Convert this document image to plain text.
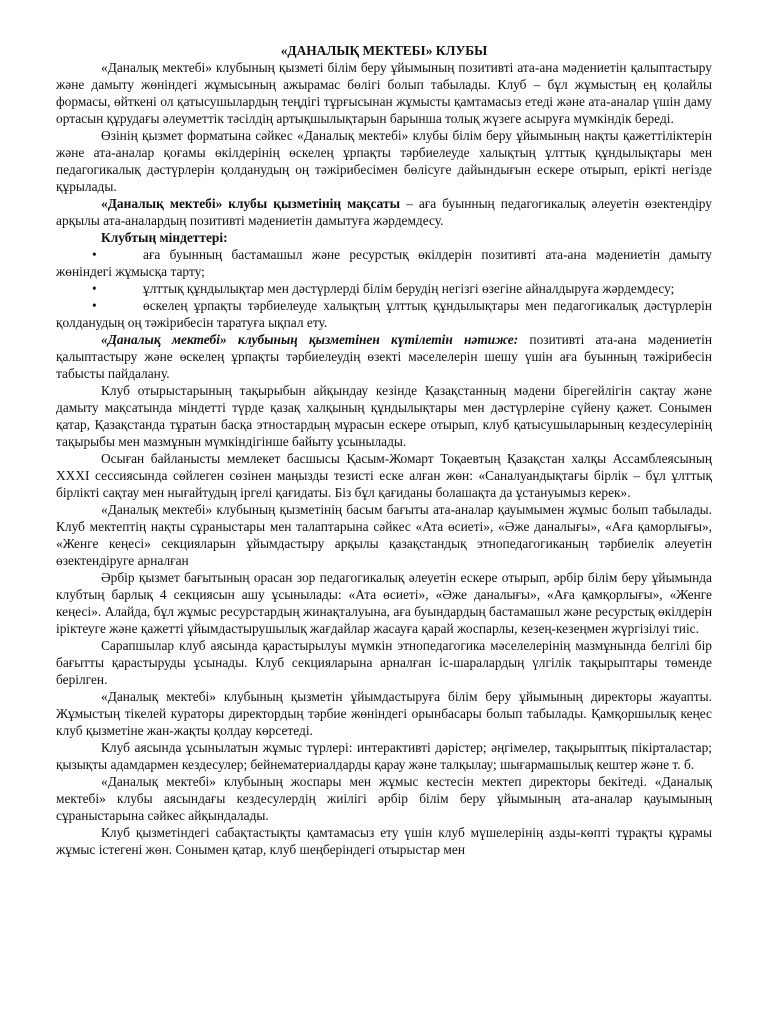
«ДАНАЛЫҚ МЕКТЕБІ» КЛУБЫ

«Даналық мектебі» клубының қызметі білім беру ұйымының позитивті ата-ана мәдениетін қалыптастыру және дамыту жөніндегі жұмысының ажырамас бөлігі болып табылады. Клуб – бұл жұмыстың ең қолайлы формасы, өйткені ол қатысушылардың теңдігі тұрғысынан жұмысты қамтамасыз етеді және ата-аналар үшін даму ортасын құрудағы әлеуметтік тәсілдің артықшылықтарын барынша толық жүзеге асыруға мүмкіндік береді.

Өзінің қызмет форматына сәйкес «Даналық мектебі» клубы білім беру ұйымының нақты қажеттіліктерін және ата-аналар қоғамы өкілдерінің өскелең ұрпақты тәрбиелеуде халықтың ұлттық құндылықтары мен педагогикалық дәстүрлерін қолданудың оң тәжірибесімен бөлісуге дайындығын ескере отырып, ерікті негізде құрылады.

«Даналық мектебі» клубы қызметінің мақсаты – аға буынның педагогикалық әлеуетін өзектендіру арқылы ата-аналардың позитивті мәдениетін дамытуға жәрдемдесу.

Клубтың міндеттері:

•	аға буынның бастамашыл және ресурстық өкілдерін позитивті ата-ана мәдениетін дамыту жөніндегі жұмысқа тарту;
•	ұлттық құндылықтар мен дәстүрлерді білім берудің негізгі өзегіне айналдыруға жәрдемдесу;
•	өскелең ұрпақты тәрбиелеуде халықтың ұлттық құндылықтары мен педагогикалық дәстүрлерін қолданудың оң тәжірибесін таратуға ықпал ету.

«Даналық мектебі» клубының қызметінен күтілетін нәтиже: позитивті ата-ана мәдениетін қалыптастыру және өскелең ұрпақты тәрбиелеудің өзекті мәселелерін шешу үшін аға буынның тәжірибесін табысты пайдалану.

Клуб отырыстарының тақырыбын айқындау кезінде Қазақстанның мәдени бірегейлігін сақтау және дамыту мақсатында міндетті түрде қазақ халқының құндылықтары мен дәстүрлеріне сүйену қажет. Сонымен қатар, Қазақстанда тұратын басқа этностардың мұрасын ескере отырып, клуб қатысушыларының кездесулерінің тақырыбы мен мазмұнын мүмкіндігінше байыту ұсынылады.

Осыған байланысты мемлекет басшысы Қасым-Жомарт Тоқаевтың Қазақстан халқы Ассамблеясының XXXI сессиясында сөйлеген сөзінен маңызды тезисті еске алған жөн: «Саналуандықтағы бірлік – бұл ұлттық бірлікті сақтау мен нығайтудың іргелі қағидаты. Біз бұл қағиданы болашақта да ұстануымыз керек».

«Даналық мектебі» клубының қызметінің басым бағыты ата-аналар қауымымен жұмыс болып табылады. Клуб мектептің нақты сұраныстары мен талаптарына сәйкес «Ата өсиеті», «Әже даналығы», «Аға қаморлығы», «Женге кеңесі» секцияларын ұйымдастыру арқылы қазақстандық этнопедагогиканың тәрбиелік әлеуетін өзектендіруге арналған

Әрбір қызмет бағытының орасан зор педагогикалық әлеуетін ескере отырып, әрбір білім беру ұйымында клубтың барлық 4 секциясын ашу ұсынылады: «Ата өсиеті», «Әже даналығы», «Аға қамқорлығы», «Женге кеңесі». Алайда, бұл жұмыс ресурстардың жинақталуына, аға буындардың бастамашыл және ресурстық өкілдерін іріктеуге және қажетті ұйымдастырушылық жағдайлар жасауға қарай жоспарлы, кезең-кезеңмен жүргізілуі тиіс.

Сарапшылар клуб аясында қарастырылуы мүмкін этнопедагогика мәселелерінің мазмұнында белгілі бір бағытты қарастыруды ұсынады. Клуб секцияларына арналған іс-шаралардың үлгілік тақырыптары төменде берілген.

«Даналық мектебі» клубының қызметін ұйымдастыруға білім беру ұйымының директоры жауапты. Жұмыстың тікелей кураторы директордың тәрбие жөніндегі орынбасары болып табылады. Қамқоршылық кеңес клуб қызметіне жан-жақты қолдау көрсетеді.

Клуб аясында ұсынылатын жұмыс түрлері: интерактивті дәрістер; әңгімелер, тақырыптық пікірталастар; қызықты адамдармен кездесулер; бейнематериалдарды қарау және талқылау; шығармашылық кештер және т. б.

«Даналық мектебі» клубының жоспары мен жұмыс кестесін мектеп директоры бекітеді. «Даналық мектебі» клубы аясындағы кездесулердің жиілігі әрбір білім беру ұйымының ата-аналар қауымының сұраныстарына сәйкес айқындалады.

Клуб қызметіндегі сабақтастықты қамтамасыз ету үшін клуб мүшелерінің азды-көпті тұрақты құрамы жұмыс істегені жөн. Сонымен қатар, клуб шеңберіндегі отырыстар мен
